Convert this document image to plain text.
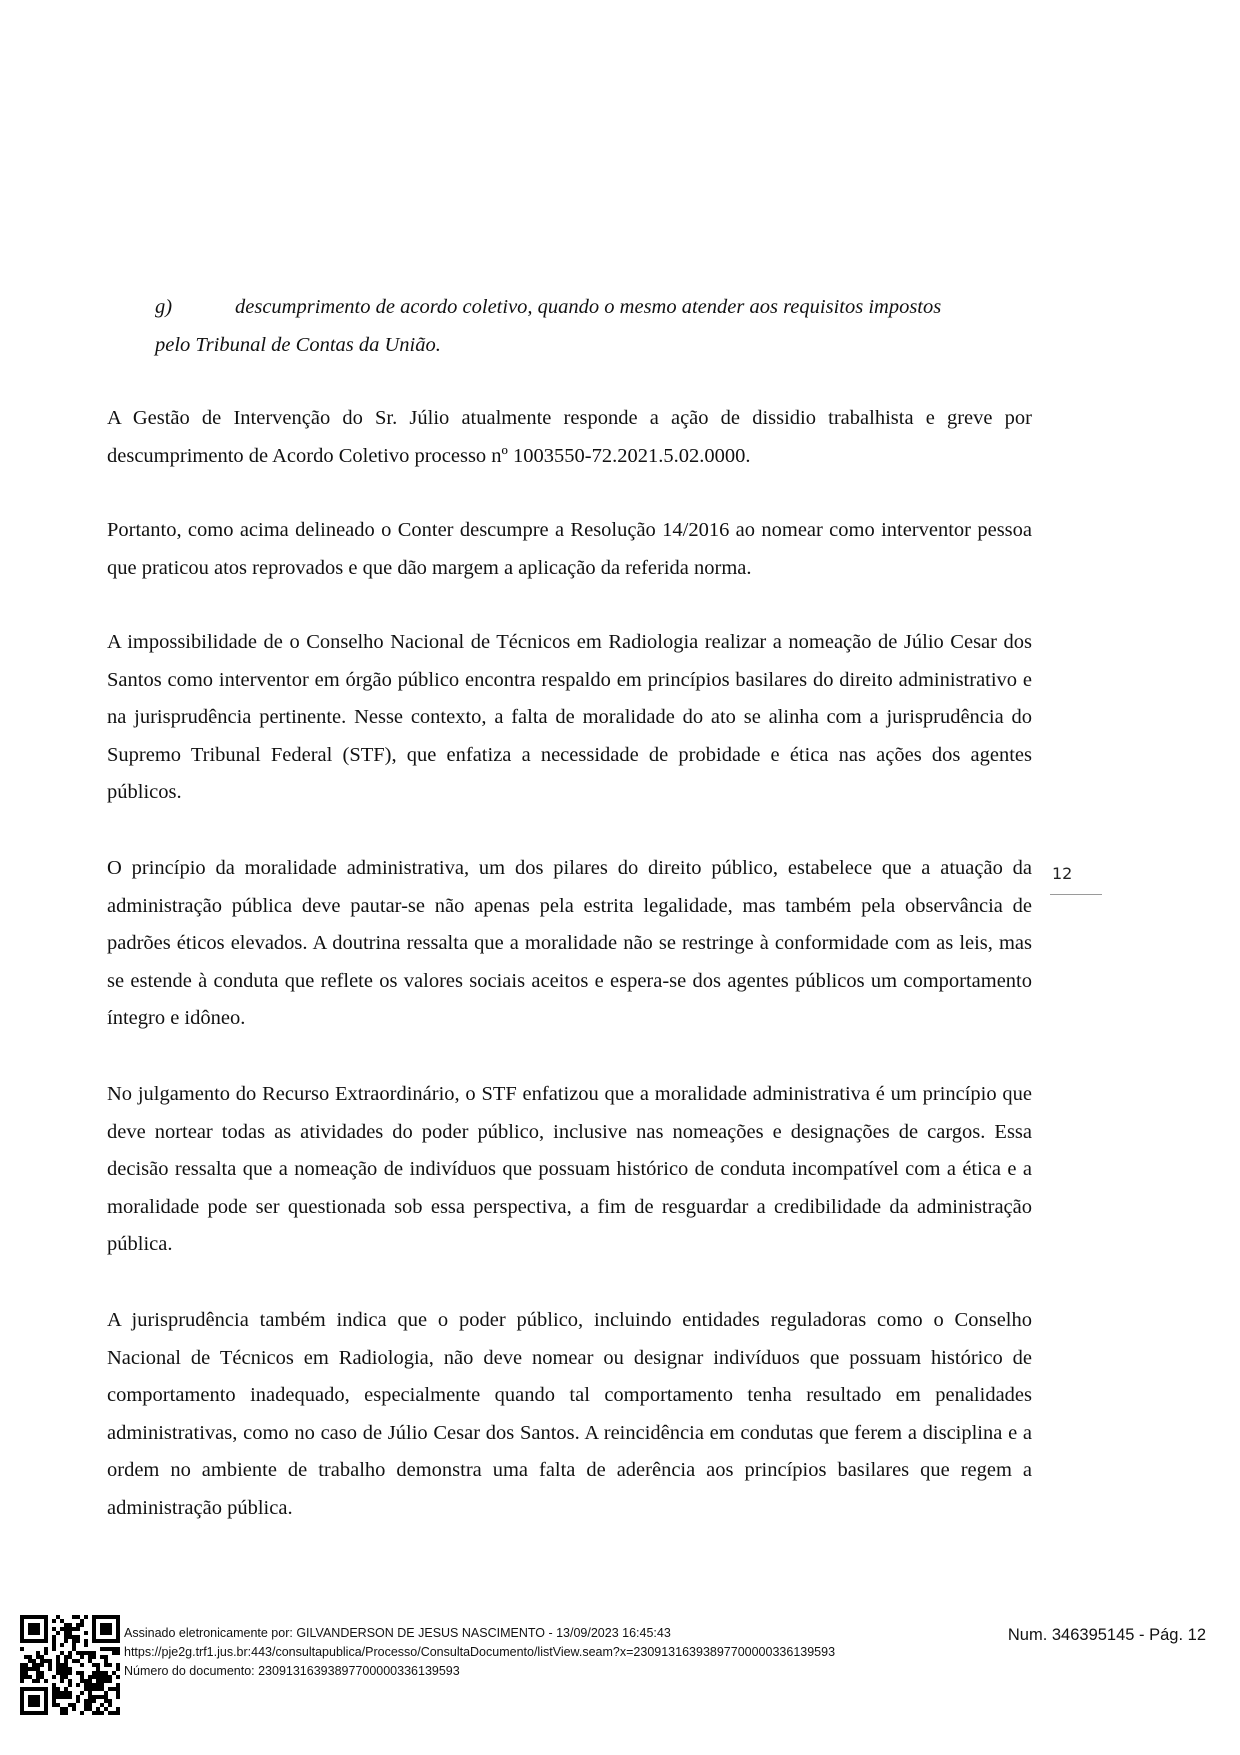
g)	descumprimento de acordo coletivo, quando o mesmo atender aos requisitos impostos
pelo Tribunal de Contas da União.

A Gestão de Intervenção do Sr. Júlio atualmente responde a ação de dissidio trabalhista e greve por descumprimento de Acordo Coletivo processo nº 1003550-72.2021.5.02.0000.

Portanto, como acima delineado o Conter descumpre a Resolução 14/2016 ao nomear como interventor pessoa que praticou atos reprovados e que dão margem a aplicação da referida norma.

A impossibilidade de o Conselho Nacional de Técnicos em Radiologia realizar a nomeação de Júlio Cesar dos Santos como interventor em órgão público encontra respaldo em princípios basilares do direito administrativo e na jurisprudência pertinente. Nesse contexto, a falta de moralidade do ato se alinha com a jurisprudência do Supremo Tribunal Federal (STF), que enfatiza a necessidade de probidade e ética nas ações dos agentes públicos.

O princípio da moralidade administrativa, um dos pilares do direito público, estabelece que a atuação da administração pública deve pautar-se não apenas pela estrita legalidade, mas também pela observância de padrões éticos elevados. A doutrina ressalta que a moralidade não se restringe à conformidade com as leis, mas se estende à conduta que reflete os valores sociais aceitos e espera-se dos agentes públicos um comportamento íntegro e idôneo.

No julgamento do Recurso Extraordinário, o STF enfatizou que a moralidade administrativa é um princípio que deve nortear todas as atividades do poder público, inclusive nas nomeações e designações de cargos. Essa decisão ressalta que a nomeação de indivíduos que possuam histórico de conduta incompatível com a ética e a moralidade pode ser questionada sob essa perspectiva, a fim de resguardar a credibilidade da administração pública.

A jurisprudência também indica que o poder público, incluindo entidades reguladoras como o Conselho Nacional de Técnicos em Radiologia, não deve nomear ou designar indivíduos que possuam histórico de comportamento inadequado, especialmente quando tal comportamento tenha resultado em penalidades administrativas, como no caso de Júlio Cesar dos Santos. A reincidência em condutas que ferem a disciplina e a ordem no ambiente de trabalho demonstra uma falta de aderência aos princípios basilares que regem a administração pública.

12
Assinado eletronicamente por: GILVANDERSON DE JESUS NASCIMENTO - 13/09/2023 16:45:43
https://pje2g.trf1.jus.br:443/consultapublica/Processo/ConsultaDocumento/listView.seam?x=23091316393897700000336139593
Número do documento: 23091316393897700000336139593
Num. 346395145 - Pág. 12
